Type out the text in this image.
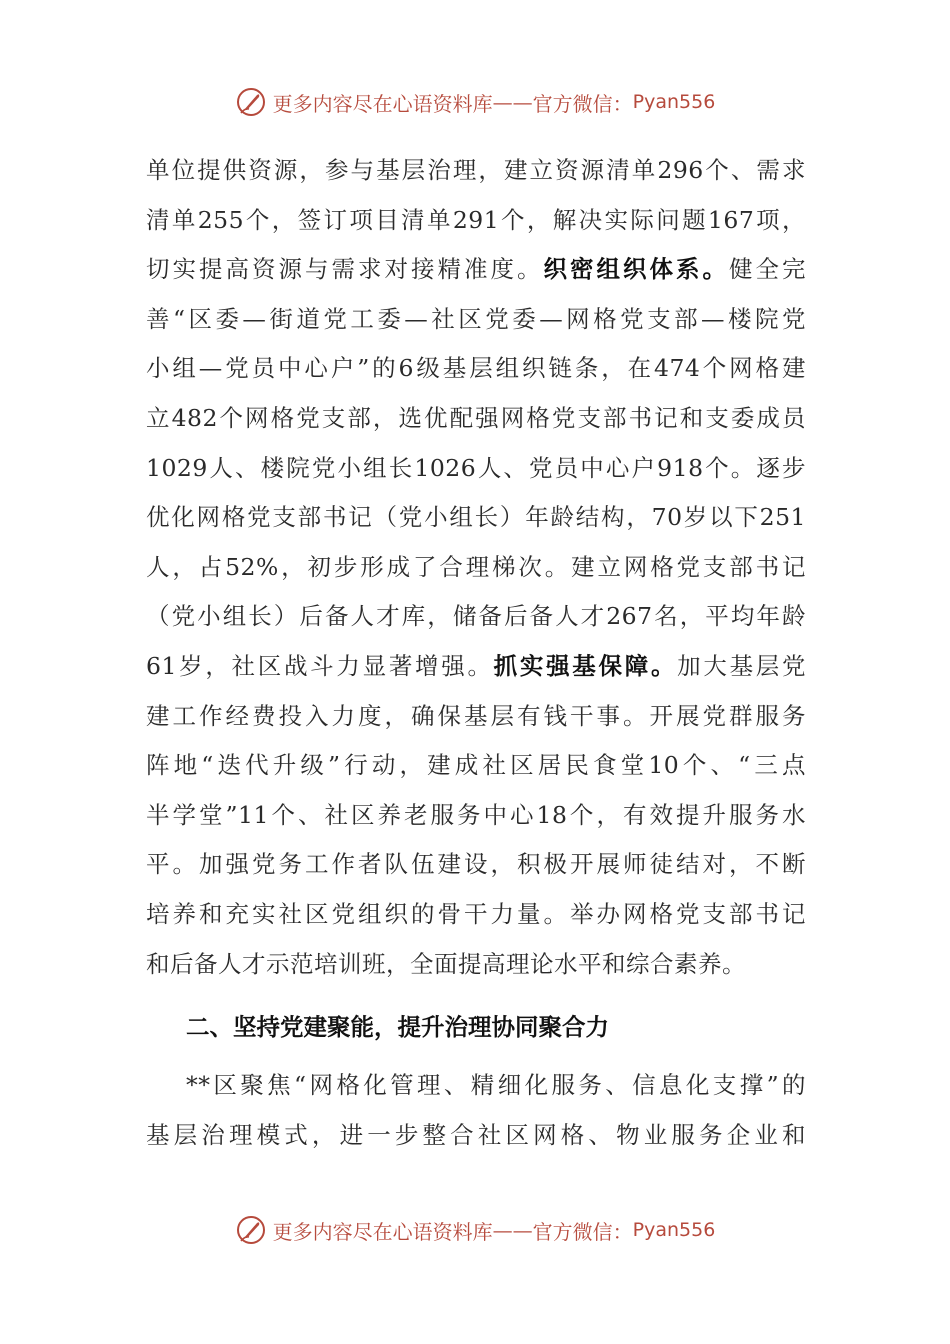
更多内容尽在心语资料库 —— 官方微信： Pyan556
单位提供资源，参与基层治理，建立资源清单296个、需求
清单255个，签订项目清单291个，解决实际问题167项，
切实提高资源与需求对接精准度。织密组织体系。健全完
善“区委—街道党工委—社区党委—网格党支部—楼院党
小组—党员中心户”的6级基层组织链条，在474个网格建
立482个网格党支部，选优配强网格党支部书记和支委成员
1029人、楼院党小组长1026人、党员中心户918个。逐步
优化网格党支部书记（党小组长）年龄结构，70岁以下251
人，占52%，初步形成了合理梯次。建立网格党支部书记
（党小组长）后备人才库，储备后备人才267名，平均年龄
61岁，社区战斗力显著增强。抓实强基保障。加大基层党
建工作经费投入力度，确保基层有钱干事。开展党群服务
阵地“迭代升级”行动，建成社区居民食堂10个、“三点
半学堂”11个、社区养老服务中心18个，有效提升服务水
平。加强党务工作者队伍建设，积极开展师徒结对，不断
培养和充实社区党组织的骨干力量。举办网格党支部书记
和后备人才示范培训班，全面提高理论水平和综合素养。
二、坚持党建聚能，提升治理协同聚合力
**区聚焦“网格化管理、精细化服务、信息化支撑”的
基层治理模式，进一步整合社区网格、物业服务企业和
更多内容尽在心语资料库 —— 官方微信： Pyan556
